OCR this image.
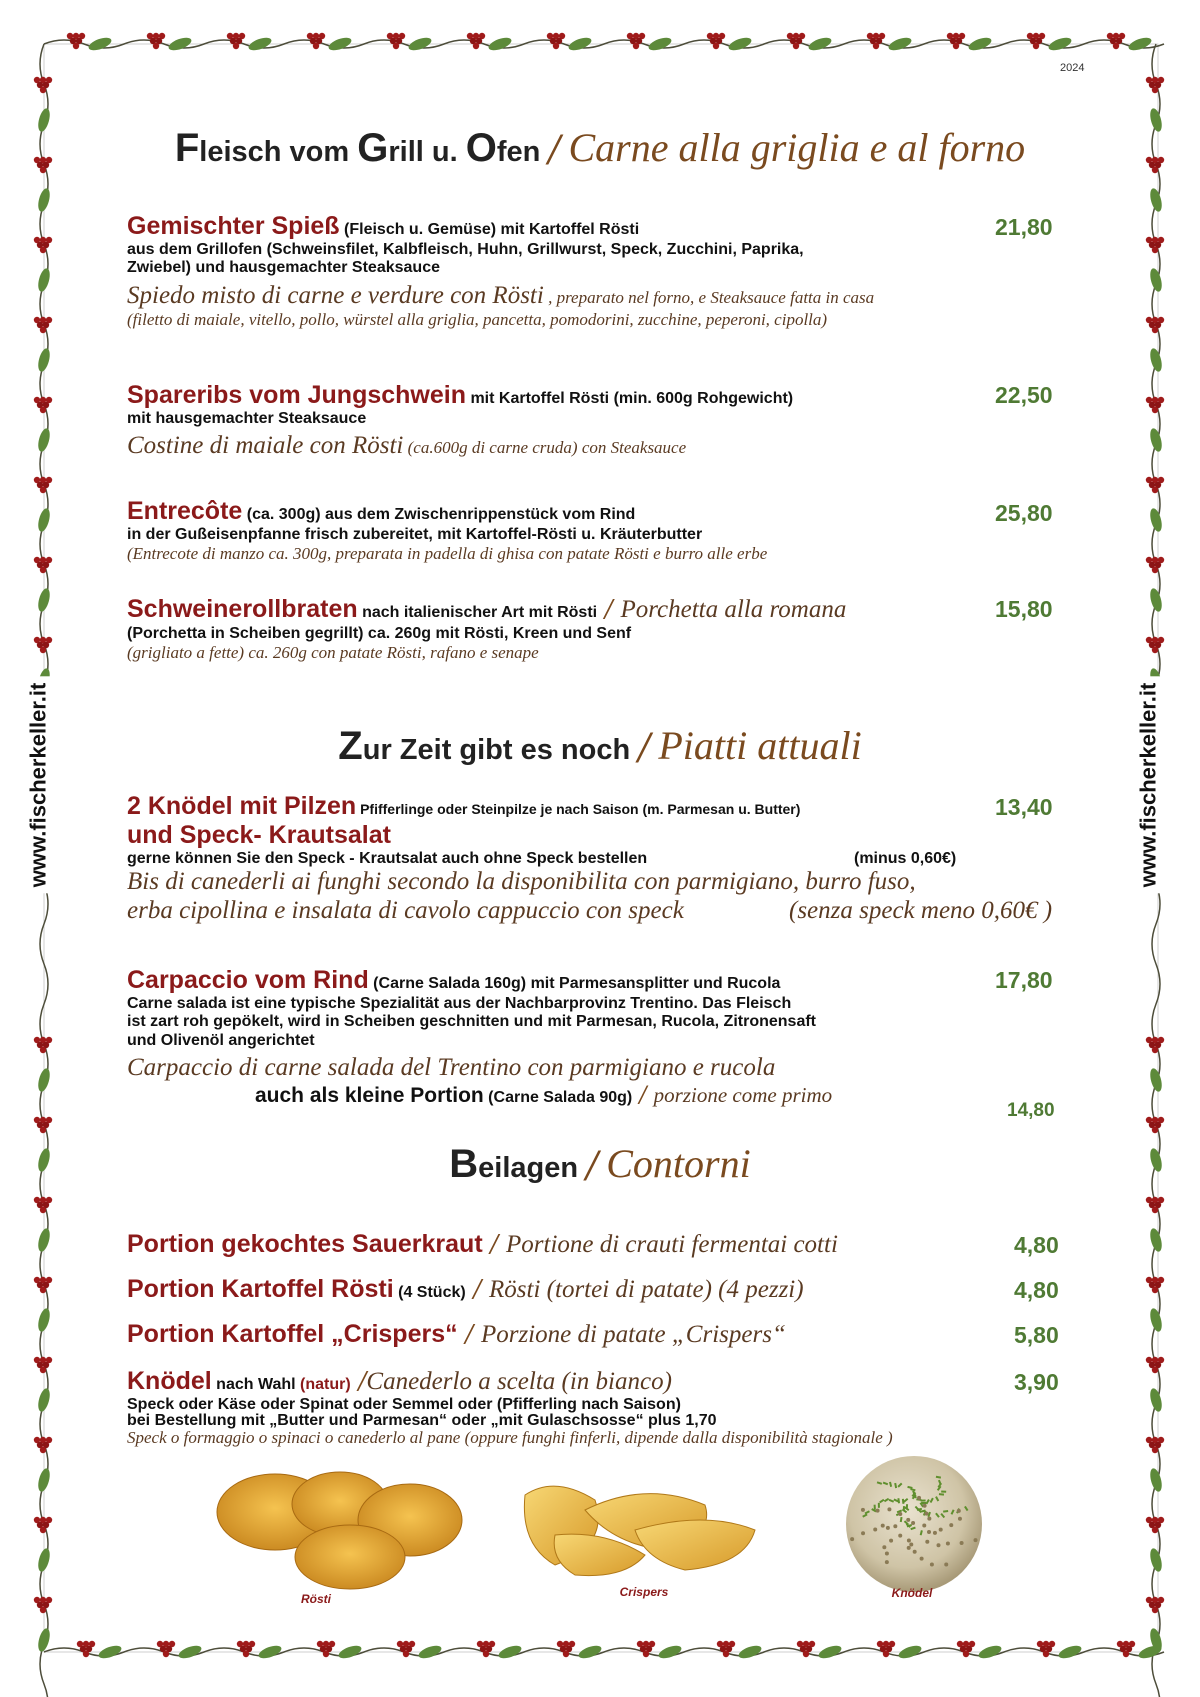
2024
www.fischerkeller.it	www.fischerkeller.it
Fleisch vom Grill u. Ofen / Carne alla griglia e al forno
Gemischter Spieß (Fleisch u. Gemüse) mit Kartoffel Rösti
aus dem Grillofen (Schweinsfilet, Kalbfleisch, Huhn, Grillwurst, Speck, Zucchini, Paprika,
Zwiebel) und hausgemachter Steaksauce
Spiedo misto di carne e verdure con Rösti , preparato nel forno, e Steaksauce fatta in casa
(filetto di maiale, vitello, pollo, würstel alla griglia, pancetta, pomodorini, zucchine, peperoni, cipolla)
21,80
Spareribs vom Jungschwein mit Kartoffel Rösti (min. 600g Rohgewicht)
mit hausgemachter Steaksauce
Costine di maiale con Rösti (ca.600g di carne cruda) con Steaksauce
22,50
Entrecôte (ca. 300g) aus dem Zwischenrippenstück vom Rind
in der Gußeisenpfanne frisch zubereitet, mit Kartoffel-Rösti u. Kräuterbutter
(Entrecote di manzo ca. 300g, preparata in padella di ghisa con patate Rösti e burro alle erbe
25,80
Schweinerollbraten nach italienischer Art mit Rösti / Porchetta alla romana
(Porchetta in Scheiben gegrillt) ca. 260g mit Rösti, Kreen und Senf
(grigliato a fette) ca. 260g con patate Rösti, rafano e senape
15,80
Zur Zeit gibt es noch / Piatti attuali
2 Knödel mit Pilzen Pfifferlinge oder Steinpilze je nach Saison (m. Parmesan u. Butter)
und Speck- Krautsalat
gerne können Sie den Speck - Krautsalat auch ohne Speck bestellen	(minus 0,60€)
Bis di canederli ai funghi secondo la disponibilita con parmigiano, burro fuso,
erba cipollina e insalata di cavolo cappuccio con speck	(senza speck meno 0,60€ )
13,40
Carpaccio vom Rind (Carne Salada 160g) mit Parmesansplitter und Rucola
Carne salada ist eine typische Spezialität aus der Nachbarprovinz Trentino. Das Fleisch
ist zart roh gepökelt, wird in Scheiben geschnitten und mit Parmesan, Rucola, Zitronensaft
und Olivenöl angerichtet
Carpaccio di carne salada del Trentino con parmigiano e rucola
auch als kleine Portion (Carne Salada 90g) / porzione come primo
17,80
14,80
Beilagen / Contorni
Portion gekochtes Sauerkraut / Portione di crauti fermentai cotti	4,80
Portion Kartoffel Rösti (4 Stück) / Rösti (tortei di patate) (4 pezzi)	4,80
Portion Kartoffel „Crispers“ / Porzione di patate „Crispers“	5,80
Knödel nach Wahl (natur) /Canederlo a scelta (in bianco)
Speck oder Käse oder Spinat oder Semmel oder (Pfifferling nach Saison)
bei Bestellung mit „Butter und Parmesan“ oder „mit Gulaschsosse“ plus 1,70
Speck o formaggio o spinaci o canederlo al pane (oppure funghi finferli, dipende dalla disponibilità stagionale )
3,90
Rösti	Crispers	Knödel
